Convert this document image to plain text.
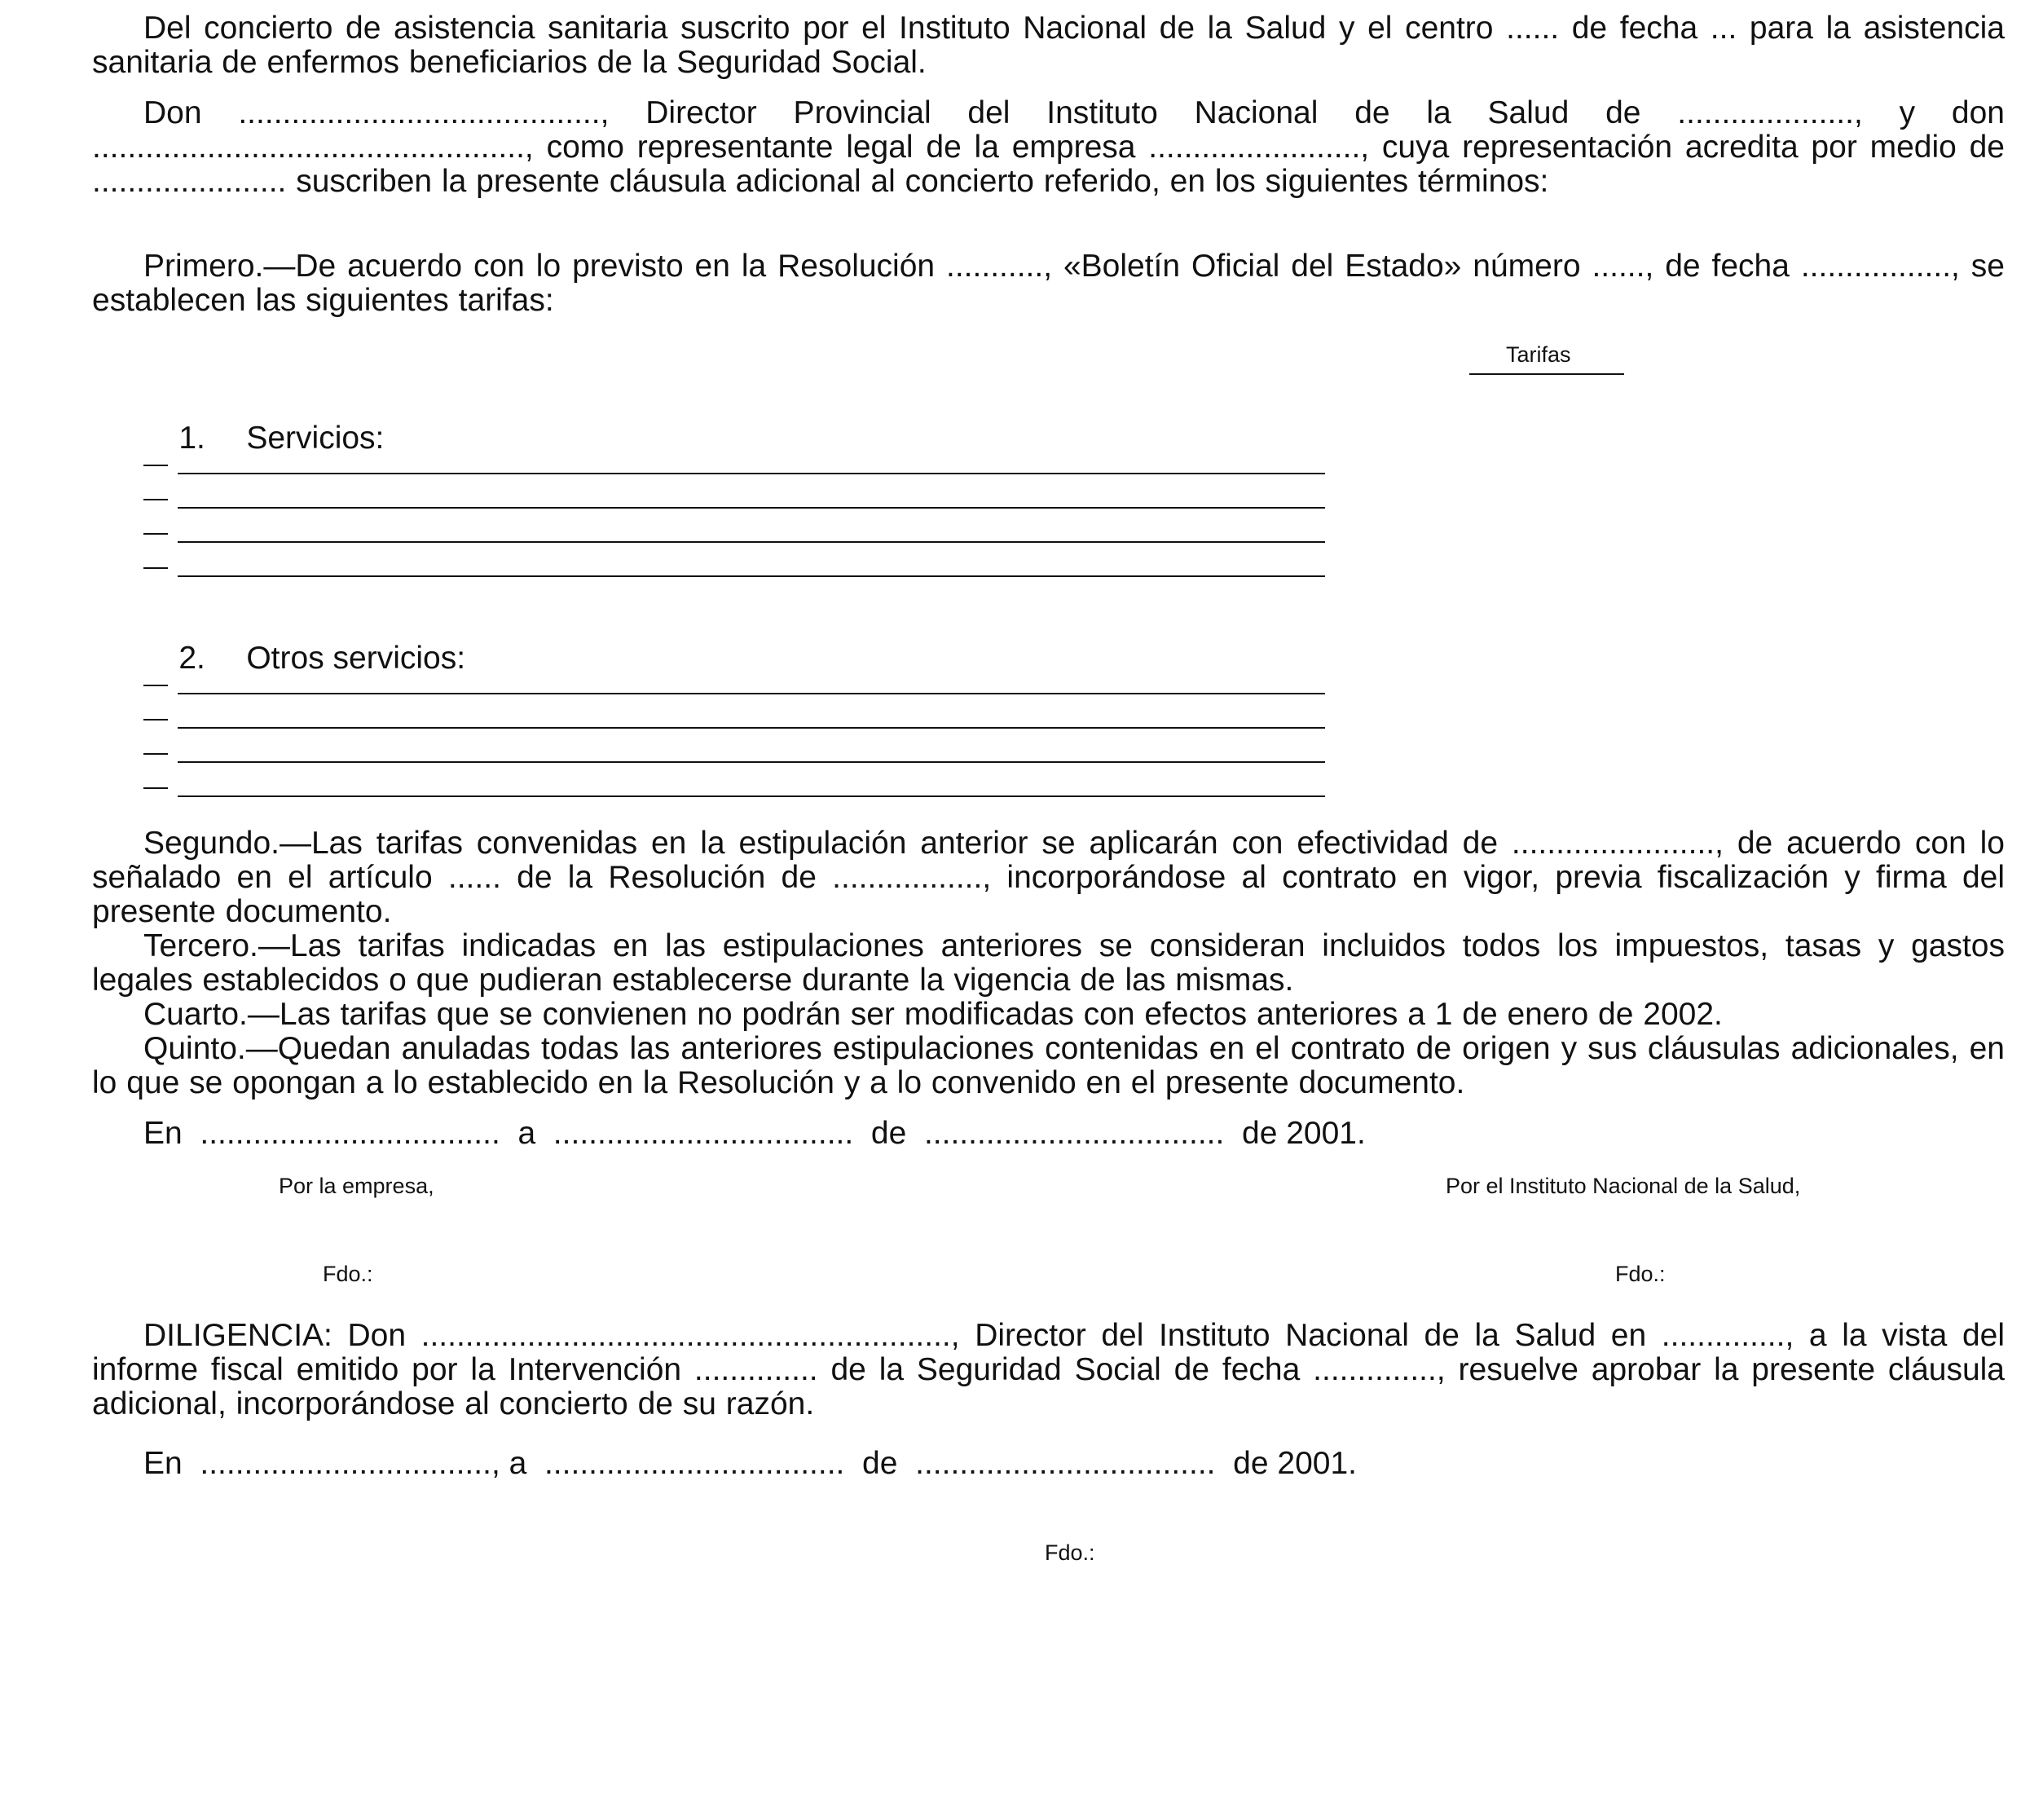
Del concierto de asistencia sanitaria suscrito por el Instituto Nacional de la Salud y el centro ...... de fecha ... para la asistencia sanitaria de enfermos beneficiarios de la Seguridad Social.

Don ........................................., Director Provincial del Instituto Nacional de la Salud de ...................., y don ................................................., como representante legal de la empresa ........................, cuya representación acredita por medio de ...................... suscriben la presente cláusula adicional al concierto referido, en los siguientes términos:

Primero.—De acuerdo con lo previsto en la Resolución ..........., «Boletín Oficial del Estado» número ......, de fecha ................., se establecen las siguientes tarifas:

Tarifas

1. Servicios:

2. Otros servicios:

Segundo.—Las tarifas convenidas en la estipulación anterior se aplicarán con efectividad de ......................., de acuerdo con lo señalado en el artículo ...... de la Resolución de ................., incorporándose al contrato en vigor, previa fiscalización y firma del presente documento.

Tercero.—Las tarifas indicadas en las estipulaciones anteriores se consideran incluidos todos los impuestos, tasas y gastos legales establecidos o que pudieran establecerse durante la vigencia de las mismas.

Cuarto.—Las tarifas que se convienen no podrán ser modificadas con efectos anteriores a 1 de enero de 2002.

Quinto.—Quedan anuladas todas las anteriores estipulaciones contenidas en el contrato de origen y sus cláusulas adicionales, en lo que se opongan a lo establecido en la Resolución y a lo convenido en el presente documento.

En  ..................................  a  ..................................  de  ..................................  de 2001.
Por la empresa,	Por el Instituto Nacional de la Salud,
Fdo.:	Fdo.:

DILIGENCIA: Don ............................................................, Director del Instituto Nacional de la Salud en .............., a la vista del informe fiscal emitido por la Intervención .............. de la Seguridad Social de fecha .............., resuelve aprobar la presente cláusula adicional, incorporándose al concierto de su razón.

En  ................................., a  ..................................  de  ..................................  de 2001.
Fdo.:
